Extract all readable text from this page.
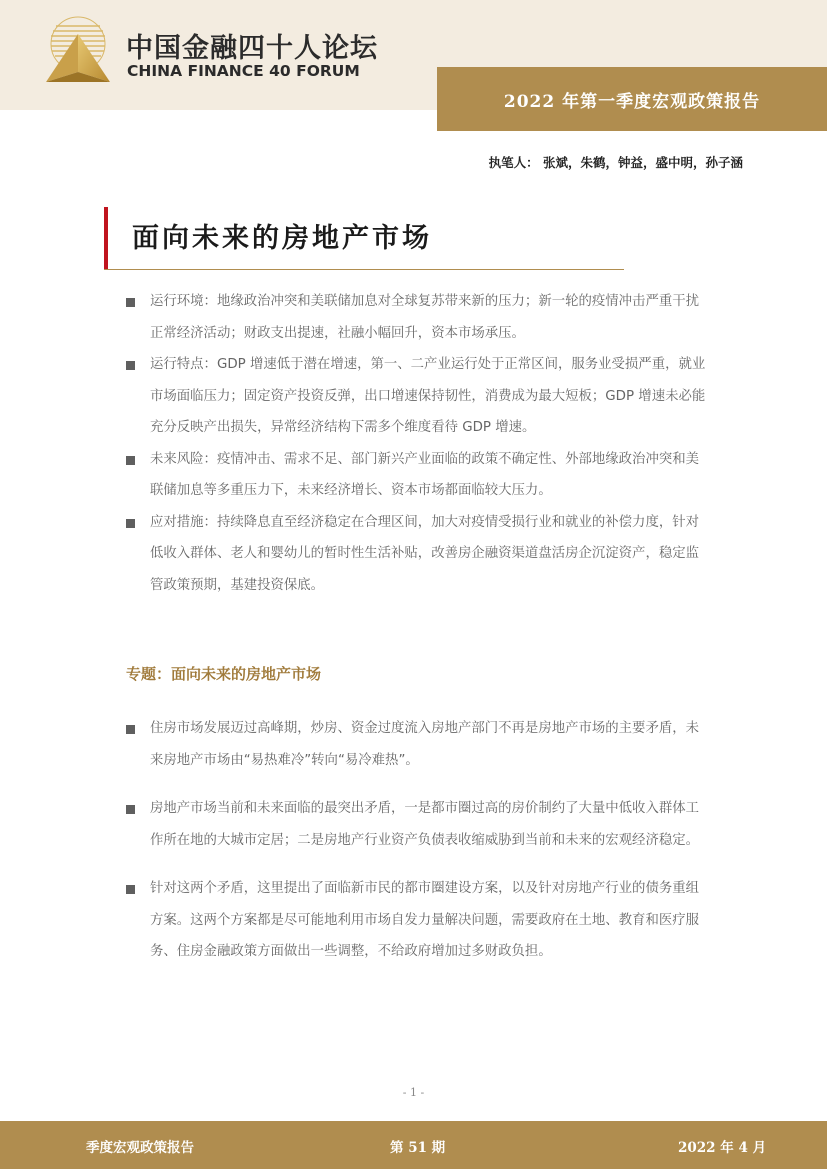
中国金融四十人论坛
CHINA FINANCE 40 FORUM
2022 年第一季度宏观政策报告
执笔人： 张斌，朱鹤，钟益，盛中明，孙子涵
面向未来的房地产市场
运行环境：地缘政治冲突和美联储加息对全球复苏带来新的压力；新一轮的疫情冲击严重干扰正常经济活动；财政支出提速，社融小幅回升，资本市场承压。
运行特点：GDP 增速低于潜在增速，第一、二产业运行处于正常区间，服务业受损严重，就业市场面临压力；固定资产投资反弹，出口增速保持韧性，消费成为最大短板；GDP 增速未必能充分反映产出损失，异常经济结构下需多个维度看待 GDP 增速。
未来风险：疫情冲击、需求不足、部门新兴产业面临的政策不确定性、外部地缘政治冲突和美联储加息等多重压力下，未来经济增长、资本市场都面临较大压力。
应对措施：持续降息直至经济稳定在合理区间，加大对疫情受损行业和就业的补偿力度，针对低收入群体、老人和婴幼儿的暂时性生活补贴，改善房企融资渠道盘活房企沉淀资产，稳定监管政策预期，基建投资保底。
专题：面向未来的房地产市场
住房市场发展迈过高峰期，炒房、资金过度流入房地产部门不再是房地产市场的主要矛盾，未来房地产市场由“易热难冷”转向“易冷难热”。
房地产市场当前和未来面临的最突出矛盾，一是都市圈过高的房价制约了大量中低收入群体工作所在地的大城市定居；二是房地产行业资产负债表收缩威胁到当前和未来的宏观经济稳定。
针对这两个矛盾，这里提出了面临新市民的都市圈建设方案，以及针对房地产行业的债务重组方案。这两个方案都是尽可能地利用市场自发力量解决问题，需要政府在土地、教育和医疗服务、住房金融政策方面做出一些调整，不给政府增加过多财政负担。
- 1 -
季度宏观政策报告	第 51 期	2022 年 4 月
